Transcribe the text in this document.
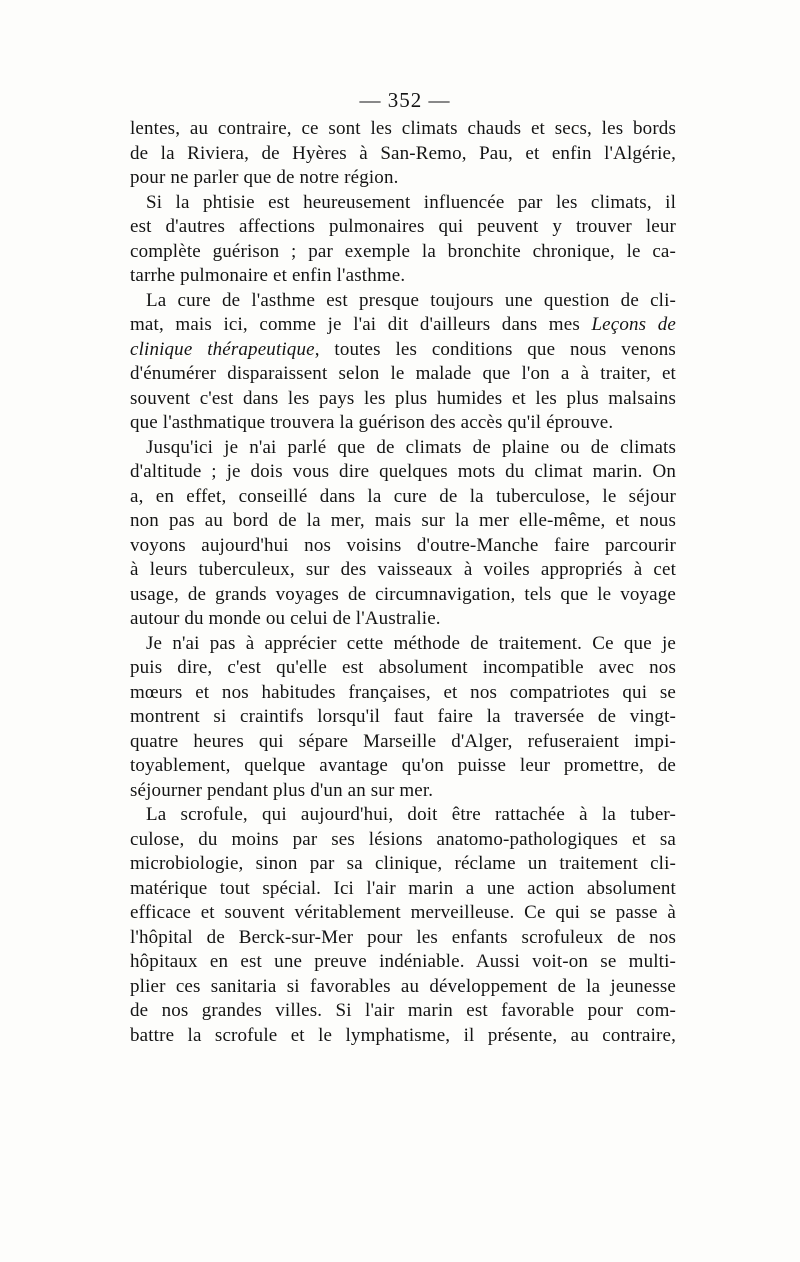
— 352 —
lentes, au contraire, ce sont les climats chauds et secs, les bords
de la Riviera, de Hyères à San-Remo, Pau, et enfin l'Algérie,
pour ne parler que de notre région.
Si la phtisie est heureusement influencée par les climats, il
est d'autres affections pulmonaires qui peuvent y trouver leur
complète guérison ; par exemple la bronchite chronique, le ca-
tarrhe pulmonaire et enfin l'asthme.
La cure de l'asthme est presque toujours une question de cli-
mat, mais ici, comme je l'ai dit d'ailleurs dans mes Leçons de
clinique thérapeutique, toutes les conditions que nous venons
d'énumérer disparaissent selon le malade que l'on a à traiter, et
souvent c'est dans les pays les plus humides et les plus malsains
que l'asthmatique trouvera la guérison des accès qu'il éprouve.
Jusqu'ici je n'ai parlé que de climats de plaine ou de climats
d'altitude ; je dois vous dire quelques mots du climat marin. On
a, en effet, conseillé dans la cure de la tuberculose, le séjour
non pas au bord de la mer, mais sur la mer elle-même, et nous
voyons aujourd'hui nos voisins d'outre-Manche faire parcourir
à leurs tuberculeux, sur des vaisseaux à voiles appropriés à cet
usage, de grands voyages de circumnavigation, tels que le voyage
autour du monde ou celui de l'Australie.
Je n'ai pas à apprécier cette méthode de traitement. Ce que je
puis dire, c'est qu'elle est absolument incompatible avec nos
mœurs et nos habitudes françaises, et nos compatriotes qui se
montrent si craintifs lorsqu'il faut faire la traversée de vingt-
quatre heures qui sépare Marseille d'Alger, refuseraient impi-
toyablement, quelque avantage qu'on puisse leur promettre, de
séjourner pendant plus d'un an sur mer.
La scrofule, qui aujourd'hui, doit être rattachée à la tuber-
culose, du moins par ses lésions anatomo-pathologiques et sa
microbiologie, sinon par sa clinique, réclame un traitement cli-
matérique tout spécial. Ici l'air marin a une action absolument
efficace et souvent véritablement merveilleuse. Ce qui se passe à
l'hôpital de Berck-sur-Mer pour les enfants scrofuleux de nos
hôpitaux en est une preuve indéniable. Aussi voit-on se multi-
plier ces sanitaria si favorables au développement de la jeunesse
de nos grandes villes. Si l'air marin est favorable pour com-
battre la scrofule et le lymphatisme, il présente, au contraire,
